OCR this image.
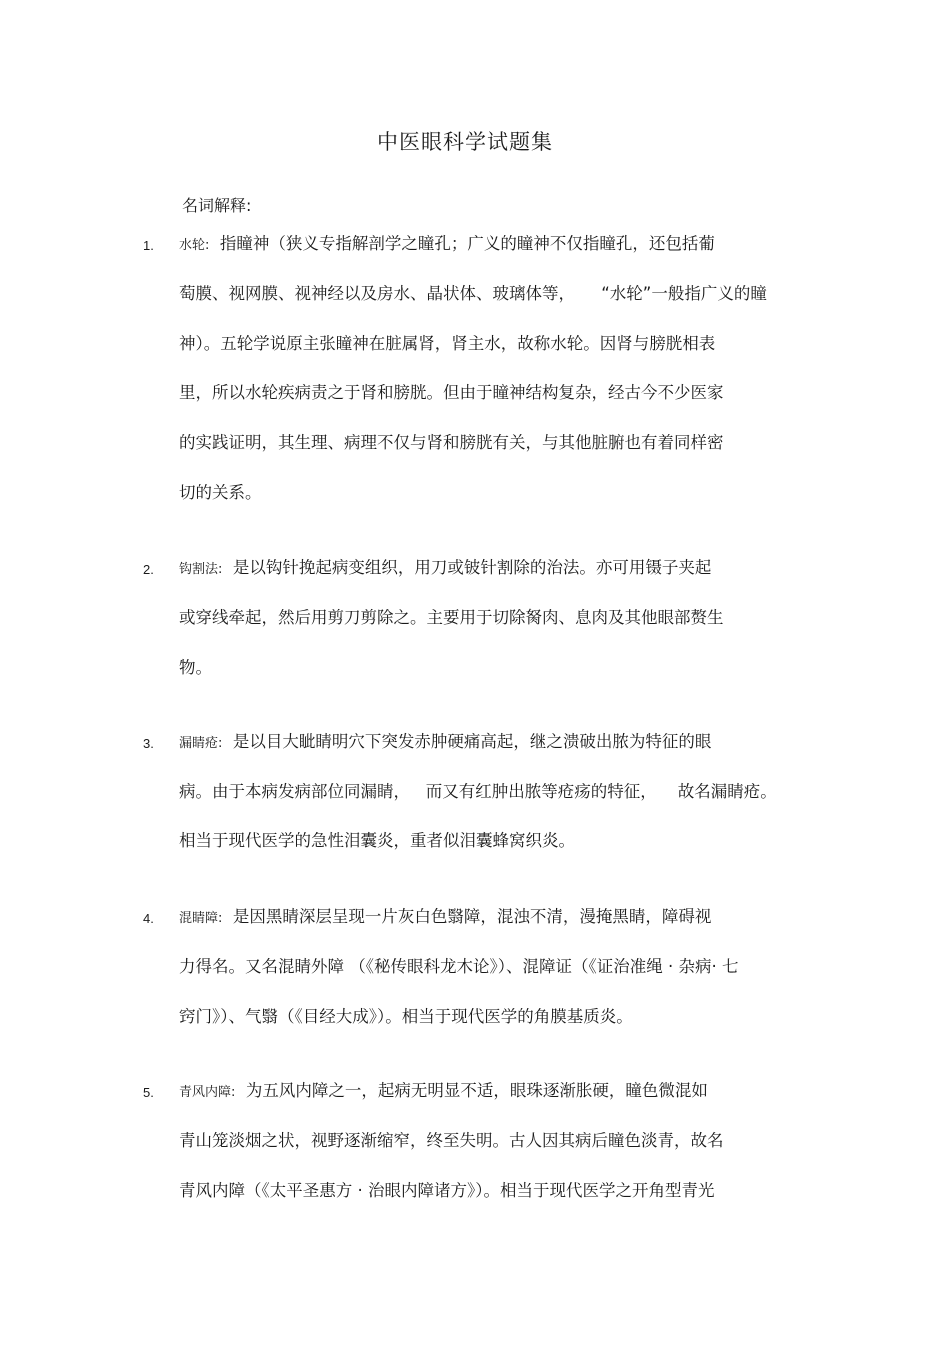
中医眼科学试题集
名词解释:
1. 水轮:  指瞳神（狭义专指解剖学之瞳孔；广义的瞳神不仅指瞳孔，还包括葡
萄膜、视网膜、视神经以及房水、晶状体、玻璃体等，     “水轮”一般指广义的瞳
神）。五轮学说原主张瞳神在脏属肾，肾主水，故称水轮。因肾与膀胱相表
里，所以水轮疾病责之于肾和膀胱。但由于瞳神结构复杂，经古今不少医家
的实践证明，其生理、病理不仅与肾和膀胱有关，与其他脏腑也有着同样密
切的关系。
2. 钩割法:  是以钩针挽起病变组织，用刀或铍针割除的治法。亦可用镊子夹起
或穿线牵起，然后用剪刀剪除之。主要用于切除胬肉、息肉及其他眼部赘生
物。
3. 漏睛疮:  是以目大眦睛明穴下突发赤肿硬痛高起，继之溃破出脓为特征的眼
病。由于本病发病部位同漏睛，   而又有红肿出脓等疮疡的特征，    故名漏睛疮。
相当于现代医学的急性泪囊炎，重者似泪囊蜂窝织炎。
4. 混睛障:  是因黑睛深层呈现一片灰白色翳障，混浊不清，漫掩黑睛，障碍视
力得名。又名混睛外障 （《秘传眼科龙木论》）、混障证（《证治准绳 · 杂病· 七
窍门》）、气翳（《目经大成》）。相当于现代医学的角膜基质炎。
5. 青风内障:  为五风内障之一，起病无明显不适，眼珠逐渐胀硬，瞳色微混如
青山笼淡烟之状，视野逐渐缩窄，终至失明。古人因其病后瞳色淡青，故名
青风内障（《太平圣惠方 · 治眼内障诸方》）。相当于现代医学之开角型青光
